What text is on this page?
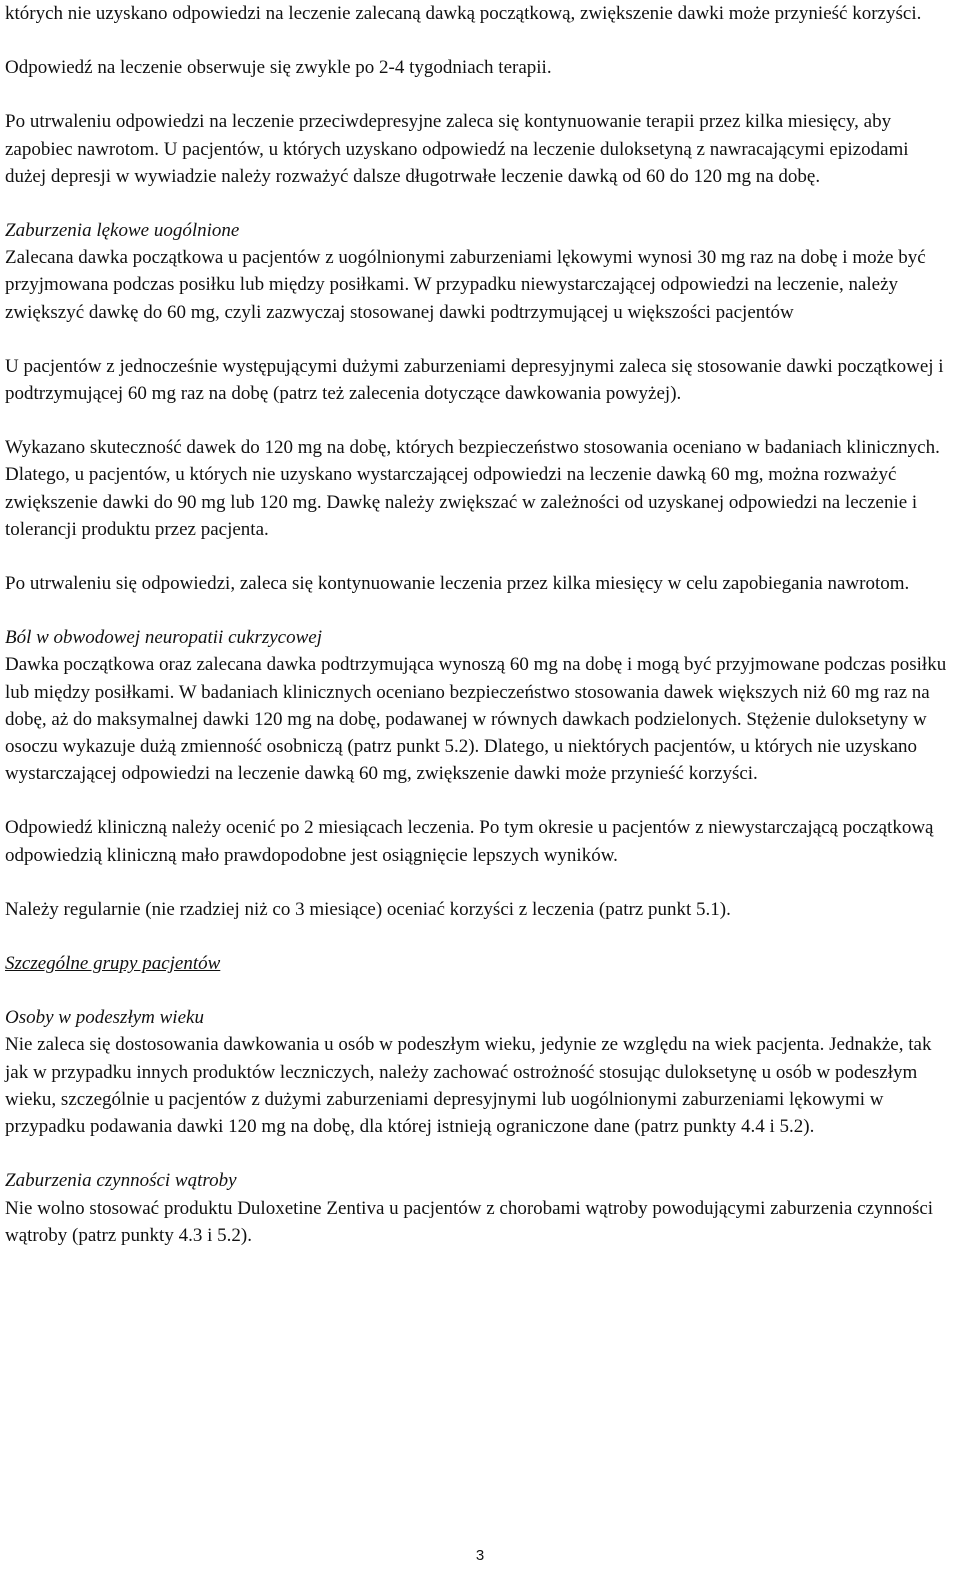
których nie uzyskano odpowiedzi na leczenie zalecaną dawką początkową, zwiększenie dawki może przynieść korzyści.

Odpowiedź na leczenie obserwuje się zwykle po 2-4 tygodniach terapii.

Po utrwaleniu odpowiedzi na leczenie przeciwdepresyjne zaleca się kontynuowanie terapii przez kilka miesięcy, aby zapobiec nawrotom. U pacjentów, u których uzyskano odpowiedź na leczenie duloksetyną z nawracającymi epizodami dużej depresji w wywiadzie należy rozważyć dalsze długotrwałe leczenie dawką od 60 do 120 mg na dobę.

Zaburzenia lękowe uogólnione

Zalecana dawka początkowa u pacjentów z uogólnionymi zaburzeniami lękowymi wynosi 30 mg raz na dobę i może być przyjmowana podczas posiłku lub między posiłkami. W przypadku niewystarczającej odpowiedzi na leczenie, należy zwiększyć dawkę do 60 mg, czyli zazwyczaj stosowanej dawki podtrzymującej u większości pacjentów

U pacjentów z jednocześnie występującymi dużymi zaburzeniami depresyjnymi zaleca się stosowanie dawki początkowej i podtrzymującej 60 mg raz na dobę (patrz też zalecenia dotyczące dawkowania powyżej).

Wykazano skuteczność dawek do 120 mg na dobę, których bezpieczeństwo stosowania oceniano w badaniach klinicznych. Dlatego, u pacjentów, u których nie uzyskano wystarczającej odpowiedzi na leczenie dawką 60 mg, można rozważyć zwiększenie dawki do 90 mg lub 120 mg. Dawkę należy zwiększać w zależności od uzyskanej odpowiedzi na leczenie i tolerancji produktu przez pacjenta.

Po utrwaleniu się odpowiedzi, zaleca się kontynuowanie leczenia przez kilka miesięcy w celu zapobiegania nawrotom.

Ból w obwodowej neuropatii cukrzycowej

Dawka początkowa oraz zalecana dawka podtrzymująca wynoszą 60 mg na dobę i mogą być przyjmowane podczas posiłku lub między posiłkami. W badaniach klinicznych oceniano bezpieczeństwo stosowania dawek większych niż 60 mg raz na dobę, aż do maksymalnej dawki 120 mg na dobę, podawanej w równych dawkach podzielonych. Stężenie duloksetyny w osoczu wykazuje dużą zmienność osobniczą (patrz punkt 5.2). Dlatego, u niektórych pacjentów, u których nie uzyskano wystarczającej odpowiedzi na leczenie dawką 60 mg, zwiększenie dawki może przynieść korzyści.

Odpowiedź kliniczną należy ocenić po 2 miesiącach leczenia. Po tym okresie u pacjentów z niewystarczającą początkową odpowiedzią kliniczną mało prawdopodobne jest osiągnięcie lepszych wyników.

Należy regularnie (nie rzadziej niż co 3 miesiące) oceniać korzyści z leczenia (patrz punkt 5.1).

Szczególne grupy pacjentów

Osoby w podeszłym wieku

Nie zaleca się dostosowania dawkowania u osób w podeszłym wieku, jedynie ze względu na wiek pacjenta. Jednakże, tak jak w przypadku innych produktów leczniczych, należy zachować ostrożność stosując duloksetynę u osób w podeszłym wieku, szczególnie u pacjentów z dużymi zaburzeniami depresyjnymi lub uogólnionymi zaburzeniami lękowymi w przypadku podawania dawki 120 mg na dobę, dla której istnieją ograniczone dane (patrz punkty 4.4 i 5.2).

Zaburzenia czynności wątroby

Nie wolno stosować produktu Duloxetine Zentiva u pacjentów z chorobami wątroby powodującymi zaburzenia czynności wątroby (patrz punkty 4.3 i 5.2).

3
